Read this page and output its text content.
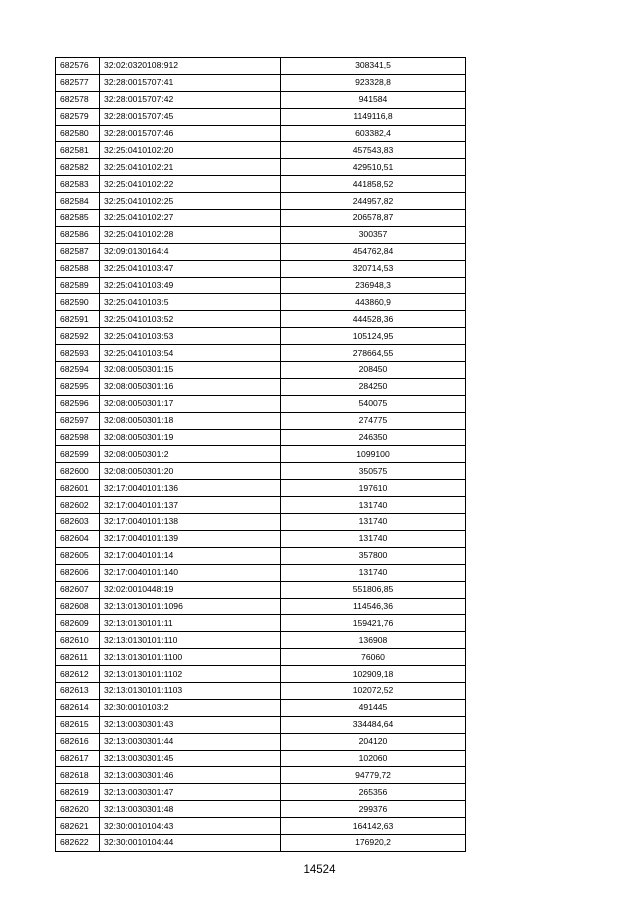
682576	32:02:0320108:912	308341,5
682577	32:28:0015707:41	923328,8
682578	32:28:0015707:42	941584
682579	32:28:0015707:45	1149116,8
682580	32:28:0015707:46	603382,4
682581	32:25:0410102:20	457543,83
682582	32:25:0410102:21	429510,51
682583	32:25:0410102:22	441858,52
682584	32:25:0410102:25	244957,82
682585	32:25:0410102:27	206578,87
682586	32:25:0410102:28	300357
682587	32:09:0130164:4	454762,84
682588	32:25:0410103:47	320714,53
682589	32:25:0410103:49	236948,3
682590	32:25:0410103:5	443860,9
682591	32:25:0410103:52	444528,36
682592	32:25:0410103:53	105124,95
682593	32:25:0410103:54	278664,55
682594	32:08:0050301:15	208450
682595	32:08:0050301:16	284250
682596	32:08:0050301:17	540075
682597	32:08:0050301:18	274775
682598	32:08:0050301:19	246350
682599	32:08:0050301:2	1099100
682600	32:08:0050301:20	350575
682601	32:17:0040101:136	197610
682602	32:17:0040101:137	131740
682603	32:17:0040101:138	131740
682604	32:17:0040101:139	131740
682605	32:17:0040101:14	357800
682606	32:17:0040101:140	131740
682607	32:02:0010448:19	551806,85
682608	32:13:0130101:1096	114546,36
682609	32:13:0130101:11	159421,76
682610	32:13:0130101:110	136908
682611	32:13:0130101:1100	76060
682612	32:13:0130101:1102	102909,18
682613	32:13:0130101:1103	102072,52
682614	32:30:0010103:2	491445
682615	32:13:0030301:43	334484,64
682616	32:13:0030301:44	204120
682617	32:13:0030301:45	102060
682618	32:13:0030301:46	94779,72
682619	32:13:0030301:47	265356
682620	32:13:0030301:48	299376
682621	32:30:0010104:43	164142,63
682622	32:30:0010104:44	176920,2
14524
